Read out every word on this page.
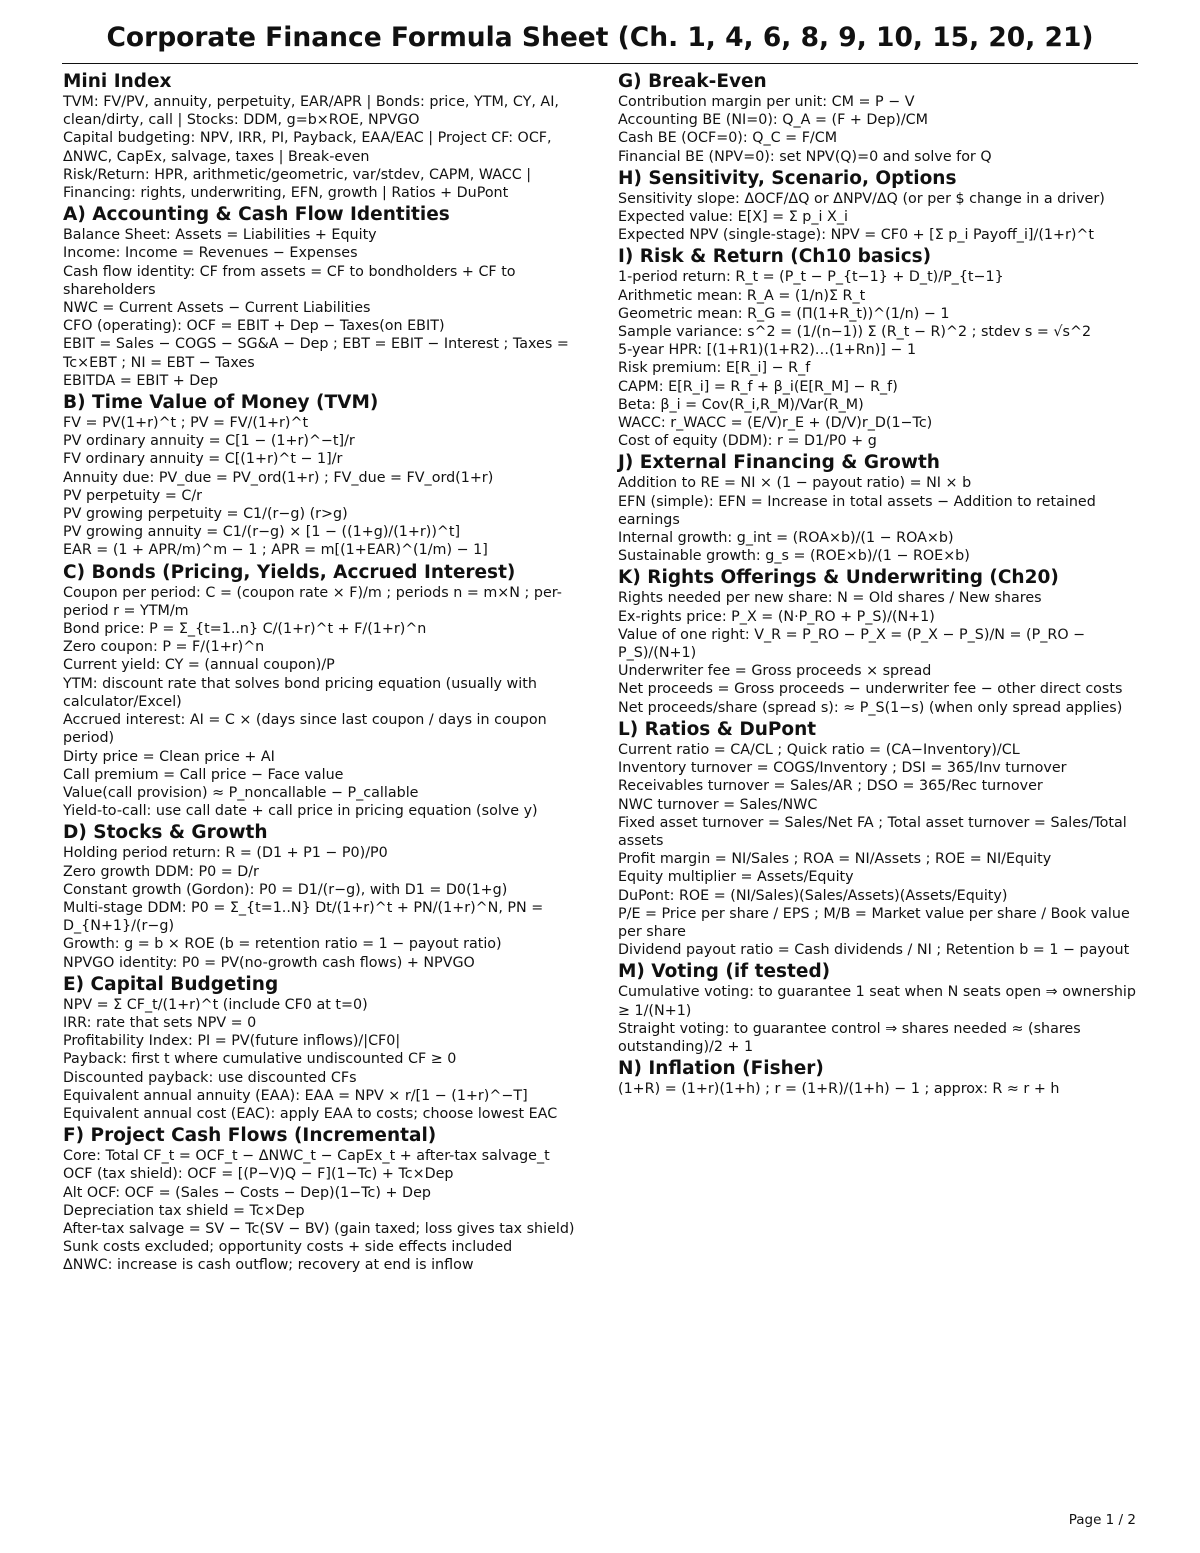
Corporate Finance Formula Sheet (Ch. 1, 4, 6, 8, 9, 10, 15, 20, 21)
Mini Index
TVM: FV/PV, annuity, perpetuity, EAR/APR | Bonds: price, YTM, CY, AI, clean/dirty, call | Stocks: DDM, g=b×ROE, NPVGO
Capital budgeting: NPV, IRR, PI, Payback, EAA/EAC | Project CF: OCF, ΔNWC, CapEx, salvage, taxes | Break-even
Risk/Return: HPR, arithmetic/geometric, var/stdev, CAPM, WACC | Financing: rights, underwriting, EFN, growth | Ratios + DuPont
A) Accounting & Cash Flow Identities
Balance Sheet: Assets = Liabilities + Equity
Income: Income = Revenues − Expenses
Cash flow identity: CF from assets = CF to bondholders + CF to shareholders
NWC = Current Assets − Current Liabilities
CFO (operating): OCF = EBIT + Dep − Taxes(on EBIT)
EBIT = Sales − COGS − SG&A − Dep ; EBT = EBIT − Interest ; Taxes = Tc×EBT ; NI = EBT − Taxes
EBITDA = EBIT + Dep
B) Time Value of Money (TVM)
FV = PV(1+r)^t ; PV = FV/(1+r)^t
PV ordinary annuity = C[1 − (1+r)^−t]/r
FV ordinary annuity = C[(1+r)^t − 1]/r
Annuity due: PV_due = PV_ord(1+r) ; FV_due = FV_ord(1+r)
PV perpetuity = C/r
PV growing perpetuity = C1/(r−g) (r>g)
PV growing annuity = C1/(r−g) × [1 − ((1+g)/(1+r))^t]
EAR = (1 + APR/m)^m − 1 ; APR = m[(1+EAR)^(1/m) − 1]
C) Bonds (Pricing, Yields, Accrued Interest)
Coupon per period: C = (coupon rate × F)/m ; periods n = m×N ; per-period r = YTM/m
Bond price: P = Σ_{t=1..n} C/(1+r)^t + F/(1+r)^n
Zero coupon: P = F/(1+r)^n
Current yield: CY = (annual coupon)/P
YTM: discount rate that solves bond pricing equation (usually with calculator/Excel)
Accrued interest: AI = C × (days since last coupon / days in coupon period)
Dirty price = Clean price + AI
Call premium = Call price − Face value
Value(call provision) ≈ P_noncallable − P_callable
Yield-to-call: use call date + call price in pricing equation (solve y)
D) Stocks & Growth
Holding period return: R = (D1 + P1 − P0)/P0
Zero growth DDM: P0 = D/r
Constant growth (Gordon): P0 = D1/(r−g), with D1 = D0(1+g)
Multi-stage DDM: P0 = Σ_{t=1..N} Dt/(1+r)^t + PN/(1+r)^N, PN = D_{N+1}/(r−g)
Growth: g = b × ROE (b = retention ratio = 1 − payout ratio)
NPVGO identity: P0 = PV(no-growth cash flows) + NPVGO
E) Capital Budgeting
NPV = Σ CF_t/(1+r)^t (include CF0 at t=0)
IRR: rate that sets NPV = 0
Profitability Index: PI = PV(future inflows)/|CF0|
Payback: first t where cumulative undiscounted CF ≥ 0
Discounted payback: use discounted CFs
Equivalent annual annuity (EAA): EAA = NPV × r/[1 − (1+r)^−T]
Equivalent annual cost (EAC): apply EAA to costs; choose lowest EAC
F) Project Cash Flows (Incremental)
Core: Total CF_t = OCF_t − ΔNWC_t − CapEx_t + after-tax salvage_t
OCF (tax shield): OCF = [(P−V)Q − F](1−Tc) + Tc×Dep
Alt OCF: OCF = (Sales − Costs − Dep)(1−Tc) + Dep
Depreciation tax shield = Tc×Dep
After-tax salvage = SV − Tc(SV − BV) (gain taxed; loss gives tax shield)
Sunk costs excluded; opportunity costs + side effects included
ΔNWC: increase is cash outflow; recovery at end is inflow
G) Break-Even
Contribution margin per unit: CM = P − V
Accounting BE (NI=0): Q_A = (F + Dep)/CM
Cash BE (OCF=0): Q_C = F/CM
Financial BE (NPV=0): set NPV(Q)=0 and solve for Q
H) Sensitivity, Scenario, Options
Sensitivity slope: ΔOCF/ΔQ or ΔNPV/ΔQ (or per $ change in a driver)
Expected value: E[X] = Σ p_i X_i
Expected NPV (single-stage): NPV = CF0 + [Σ p_i Payoff_i]/(1+r)^t
I) Risk & Return (Ch10 basics)
1-period return: R_t = (P_t − P_{t−1} + D_t)/P_{t−1}
Arithmetic mean: R_A = (1/n)Σ R_t
Geometric mean: R_G = (Π(1+R_t))^(1/n) − 1
Sample variance: s^2 = (1/(n−1)) Σ (R_t − R)^2 ; stdev s = √s^2
5-year HPR: [(1+R1)(1+R2)…(1+Rn)] − 1
Risk premium: E[R_i] − R_f
CAPM: E[R_i] = R_f + β_i(E[R_M] − R_f)
Beta: β_i = Cov(R_i,R_M)/Var(R_M)
WACC: r_WACC = (E/V)r_E + (D/V)r_D(1−Tc)
Cost of equity (DDM): r = D1/P0 + g
J) External Financing & Growth
Addition to RE = NI × (1 − payout ratio) = NI × b
EFN (simple): EFN = Increase in total assets − Addition to retained earnings
Internal growth: g_int = (ROA×b)/(1 − ROA×b)
Sustainable growth: g_s = (ROE×b)/(1 − ROE×b)
K) Rights Offerings & Underwriting (Ch20)
Rights needed per new share: N = Old shares / New shares
Ex-rights price: P_X = (N·P_RO + P_S)/(N+1)
Value of one right: V_R = P_RO − P_X = (P_X − P_S)/N = (P_RO − P_S)/(N+1)
Underwriter fee = Gross proceeds × spread
Net proceeds = Gross proceeds − underwriter fee − other direct costs
Net proceeds/share (spread s): ≈ P_S(1−s) (when only spread applies)
L) Ratios & DuPont
Current ratio = CA/CL ; Quick ratio = (CA−Inventory)/CL
Inventory turnover = COGS/Inventory ; DSI = 365/Inv turnover
Receivables turnover = Sales/AR ; DSO = 365/Rec turnover
NWC turnover = Sales/NWC
Fixed asset turnover = Sales/Net FA ; Total asset turnover = Sales/Total assets
Profit margin = NI/Sales ; ROA = NI/Assets ; ROE = NI/Equity
Equity multiplier = Assets/Equity
DuPont: ROE = (NI/Sales)(Sales/Assets)(Assets/Equity)
P/E = Price per share / EPS ; M/B = Market value per share / Book value per share
Dividend payout ratio = Cash dividends / NI ; Retention b = 1 − payout
M) Voting (if tested)
Cumulative voting: to guarantee 1 seat when N seats open ⇒ ownership ≥ 1/(N+1)
Straight voting: to guarantee control ⇒ shares needed ≈ (shares outstanding)/2 + 1
N) Inflation (Fisher)
(1+R) = (1+r)(1+h) ; r = (1+R)/(1+h) − 1 ; approx: R ≈ r + h
Page 1 / 2
